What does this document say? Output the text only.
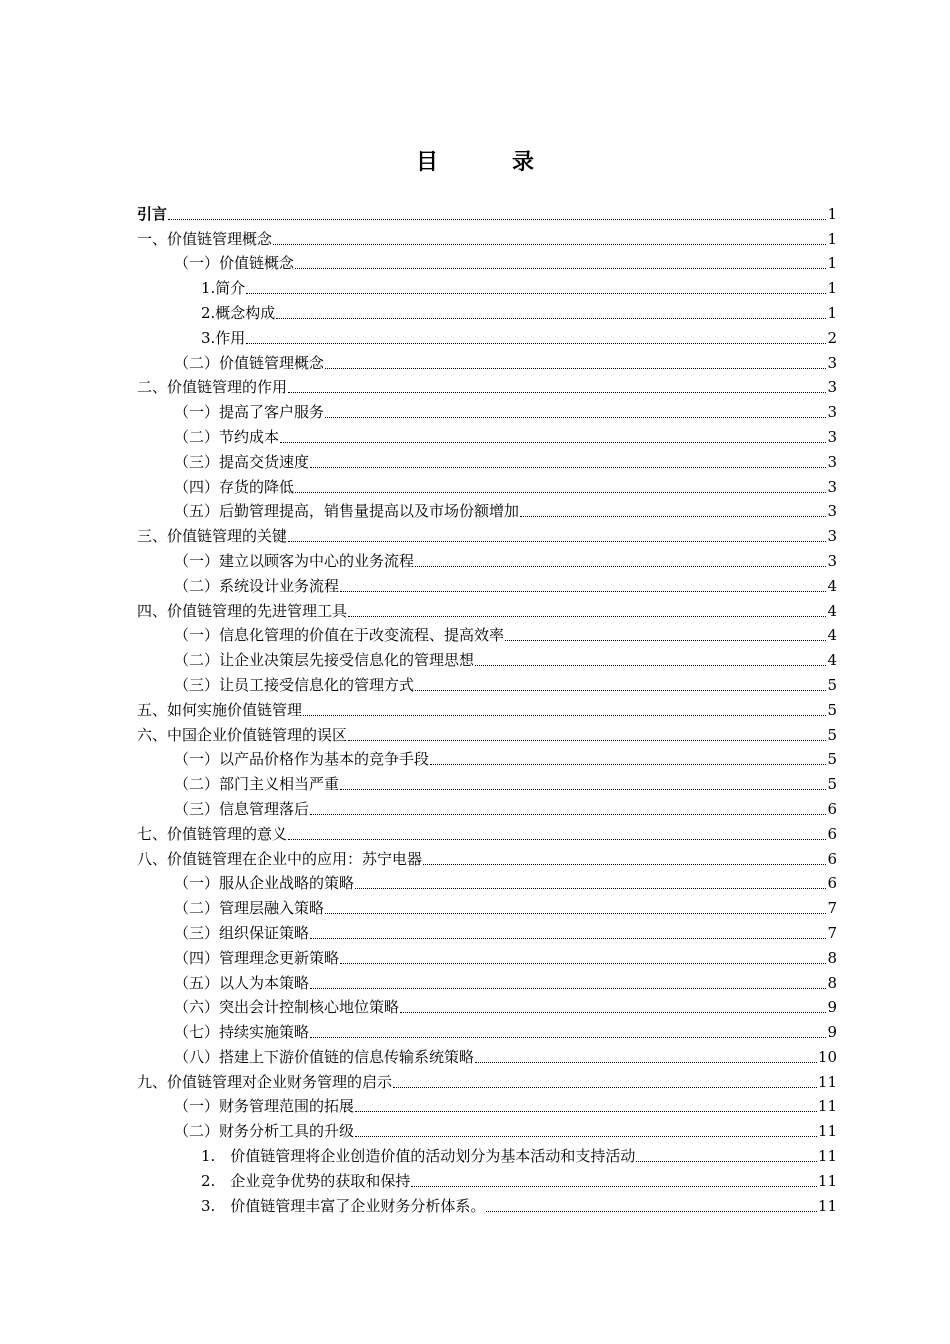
目　录
引言	1
一、价值链管理概念	1
（一）价值链概念	1
1.简介	1
2.概念构成	1
3.作用	2
（二）价值链管理概念	3
二、价值链管理的作用	3
（一）提高了客户服务	3
（二）节约成本	3
（三）提高交货速度	3
（四）存货的降低	3
（五）后勤管理提高，销售量提高以及市场份额增加	3
三、价值链管理的关键	3
（一）建立以顾客为中心的业务流程	3
（二）系统设计业务流程	4
四、价值链管理的先进管理工具	4
（一）信息化管理的价值在于改变流程、提高效率	4
（二）让企业决策层先接受信息化的管理思想	4
（三）让员工接受信息化的管理方式	5
五、如何实施价值链管理	5
六、中国企业价值链管理的误区	5
（一）以产品价格作为基本的竞争手段	5
（二）部门主义相当严重	5
（三）信息管理落后	6
七、价值链管理的意义	6
八、价值链管理在企业中的应用：苏宁电器	6
（一）服从企业战略的策略	6
（二）管理层融入策略	7
（三）组织保证策略	7
（四）管理理念更新策略	8
（五）以人为本策略	8
（六）突出会计控制核心地位策略	9
（七）持续实施策略	9
（八）搭建上下游价值链的信息传输系统策略	10
九、价值链管理对企业财务管理的启示	11
（一）财务管理范围的拓展	11
（二）财务分析工具的升级	11
1.　价值链管理将企业创造价值的活动划分为基本活动和支持活动	11
2.　企业竞争优势的获取和保持	11
3.　价值链管理丰富了企业财务分析体系。	11
